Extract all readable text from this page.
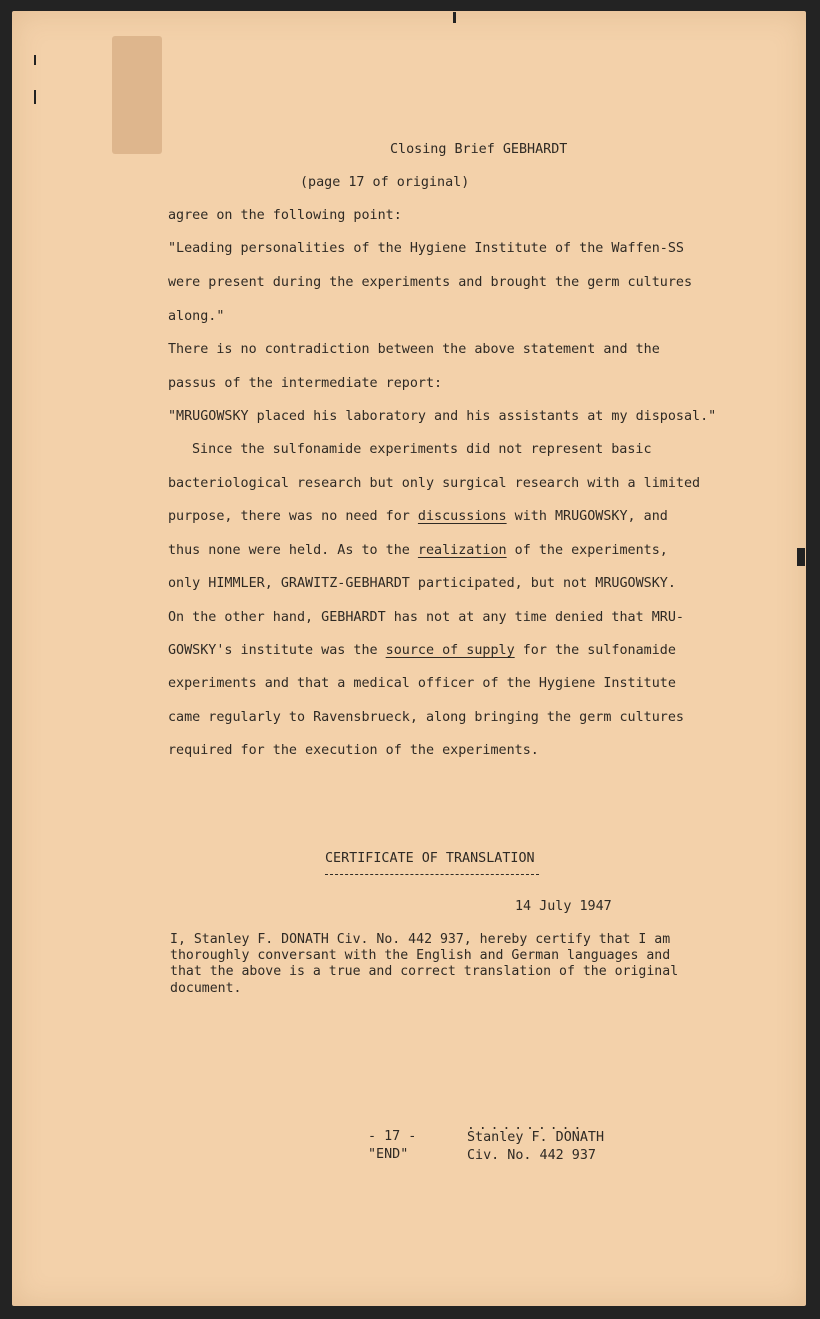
Closing Brief GEBHARDT

(page 17 of original)

agree on the following point:

"Leading personalities of the Hygiene Institute of the Waffen-SS

were present during the experiments and brought the germ cultures

along."

There is no contradiction between the above statement and the

passus of the intermediate report:

"MRUGOWSKY placed his laboratory and his assistants at my disposal."

Since the sulfonamide experiments did not represent basic

bacteriological research but only surgical research with a limited

purpose, there was no need for discussions with MRUGOWSKY, and

thus none were held. As to the realization of the experiments,

only HIMMLER, GRAWITZ-GEBHARDT participated, but not MRUGOWSKY.

On the other hand, GEBHARDT has not at any time denied that MRU-

GOWSKY's institute was the source of supply for the sulfonamide

experiments and that a medical officer of the Hygiene Institute

came regularly to Ravensbrueck, along bringing the germ cultures

required for the execution of the experiments.

CERTIFICATE OF TRANSLATION

14 July 1947

I, Stanley F. DONATH Civ. No. 442 937, hereby certify that I am

thoroughly conversant with the English and German languages and

that the above is a true and correct translation of the original

document.

- 17 -

"END"

..........

Stanley F. DONATH

Civ. No. 442 937
